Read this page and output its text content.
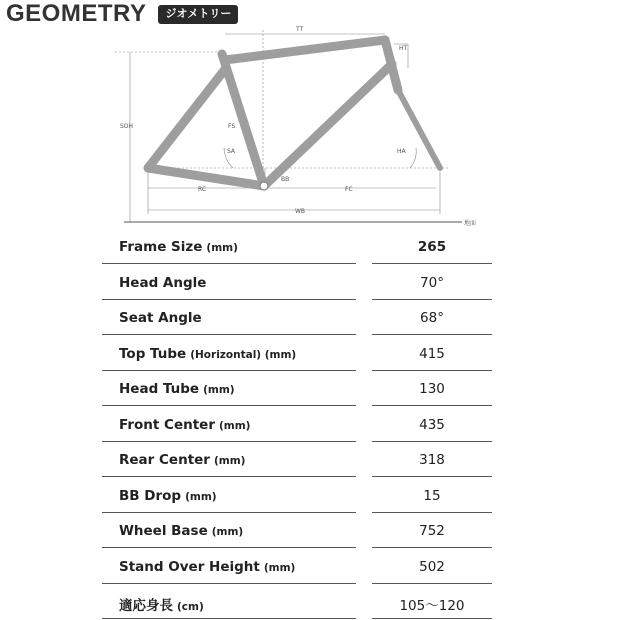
GEOMETRY	ジオメトリー
TT
HT
SOH	FS
SA	HA
BB
RC	FC
WB
地面
Frame Size (mm)	265
Head Angle	70°
Seat Angle	68°
Top Tube (Horizontal) (mm)	415
Head Tube (mm)	130
Front Center (mm)	435
Rear Center (mm)	318
BB Drop (mm)	15
Wheel Base (mm)	752
Stand Over Height (mm)	502
適応身長 (cm)	105〜120
